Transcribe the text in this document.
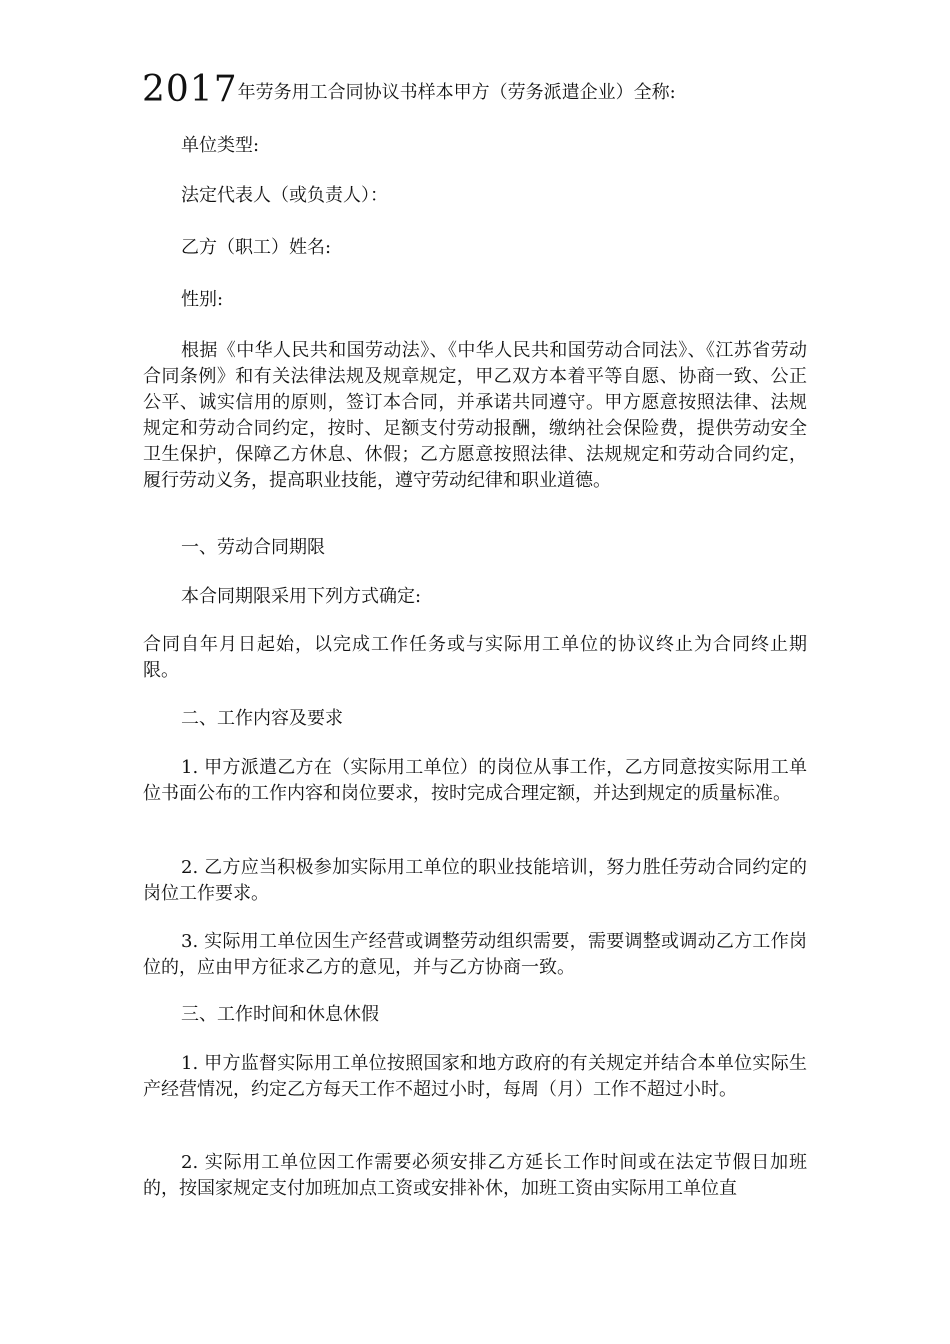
2017年劳务用工合同协议书样本甲方（劳务派遣企业）全称:

单位类型:

法定代表人（或负责人）：

乙方（职工）姓名:

性别:

根据《中华人民共和国劳动法》、《中华人民共和国劳动合同法》、《江苏省劳动合同条例》和有关法律法规及规章规定，甲乙双方本着平等自愿、协商一致、公正公平、诚实信用的原则，签订本合同，并承诺共同遵守。甲方愿意按照法律、法规规定和劳动合同约定，按时、足额支付劳动报酬，缴纳社会保险费，提供劳动安全卫生保护，保障乙方休息、休假；乙方愿意按照法律、法规规定和劳动合同约定，履行劳动义务，提高职业技能，遵守劳动纪律和职业道德。

一、劳动合同期限

本合同期限采用下列方式确定:

合同自年月日起始，以完成工作任务或与实际用工单位的协议终止为合同终止期限。

二、工作内容及要求

1. 甲方派遣乙方在（实际用工单位）的岗位从事工作，乙方同意按实际用工单位书面公布的工作内容和岗位要求，按时完成合理定额，并达到规定的质量标准。

2. 乙方应当积极参加实际用工单位的职业技能培训，努力胜任劳动合同约定的岗位工作要求。

3. 实际用工单位因生产经营或调整劳动组织需要，需要调整或调动乙方工作岗位的，应由甲方征求乙方的意见，并与乙方协商一致。

三、工作时间和休息休假

1. 甲方监督实际用工单位按照国家和地方政府的有关规定并结合本单位实际生产经营情况，约定乙方每天工作不超过小时，每周（月）工作不超过小时。

2. 实际用工单位因工作需要必须安排乙方延长工作时间或在法定节假日加班的，按国家规定支付加班加点工资或安排补休，加班工资由实际用工单位直
